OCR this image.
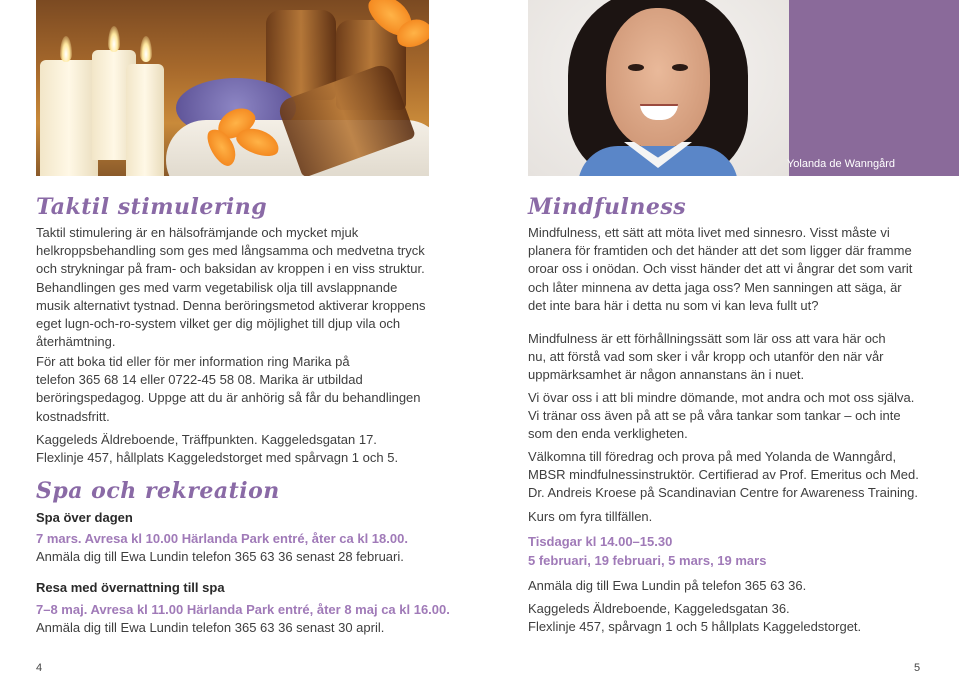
Yolanda de Wanngård
Taktil stimulering
Taktil stimulering är en hälsofrämjande och mycket mjuk
helkroppsbehandling som ges med långsamma och medvetna tryck
och strykningar på fram- och baksidan av kroppen i en viss struktur.
Behandlingen ges med varm vegetabilisk olja till avslappnande
musik alternativt tystnad. Denna beröringsmetod aktiverar kroppens
eget lugn-och-ro-system vilket ger dig möjlighet till djup vila och
återhämtning.
För att boka tid eller för mer information ring Marika på
telefon 365 68 14 eller 0722-45 58 08. Marika är utbildad
beröringspedagog. Uppge att du är anhörig så får du behandlingen
kostnadsfritt.
Kaggeleds Äldreboende, Träffpunkten. Kaggeledsgatan 17.
Flexlinje 457, hållplats Kaggeledstorget med spårvagn 1 och 5.
Spa och rekreation
Spa över dagen
7 mars. Avresa kl 10.00 Härlanda Park entré, åter ca kl 18.00.
Anmäla dig till Ewa Lundin telefon 365 63 36 senast 28 februari.
Resa med övernattning till spa
7–8 maj. Avresa kl 11.00 Härlanda Park entré, åter 8 maj ca kl 16.00.
Anmäla dig till Ewa Lundin telefon 365 63 36 senast 30 april.
4
Mindfulness
Mindfulness, ett sätt att möta livet med sinnesro. Visst måste vi
planera för framtiden och det händer att det som ligger där framme
oroar oss i onödan. Och visst händer det att vi ångrar det som varit
och låter minnena av detta jaga oss? Men sanningen att säga, är
det inte bara här i detta nu som vi kan leva fullt ut?
Mindfulness är ett förhållningssätt som lär oss att vara här och
nu, att förstå vad som sker i vår kropp och utanför den när vår
uppmärksamhet är någon annanstans än i nuet.
Vi övar oss i att bli mindre dömande, mot andra och mot oss själva.
Vi tränar oss även på att se på våra tankar som tankar – och inte
som den enda verkligheten.
Välkomna till föredrag och prova på med Yolanda de Wanngård,
MBSR mindfulnessinstruktör. Certifierad av Prof. Emeritus och Med.
Dr. Andreis Kroese på Scandinavian Centre for Awareness Training.
Kurs om fyra tillfällen.
Tisdagar kl 14.00–15.30
5 februari, 19 februari, 5 mars, 19 mars
Anmäla dig till Ewa Lundin på telefon 365 63 36.
Kaggeleds Äldreboende, Kaggeledsgatan 36.
Flexlinje 457, spårvagn 1 och 5 hållplats Kaggeledstorget.
5
